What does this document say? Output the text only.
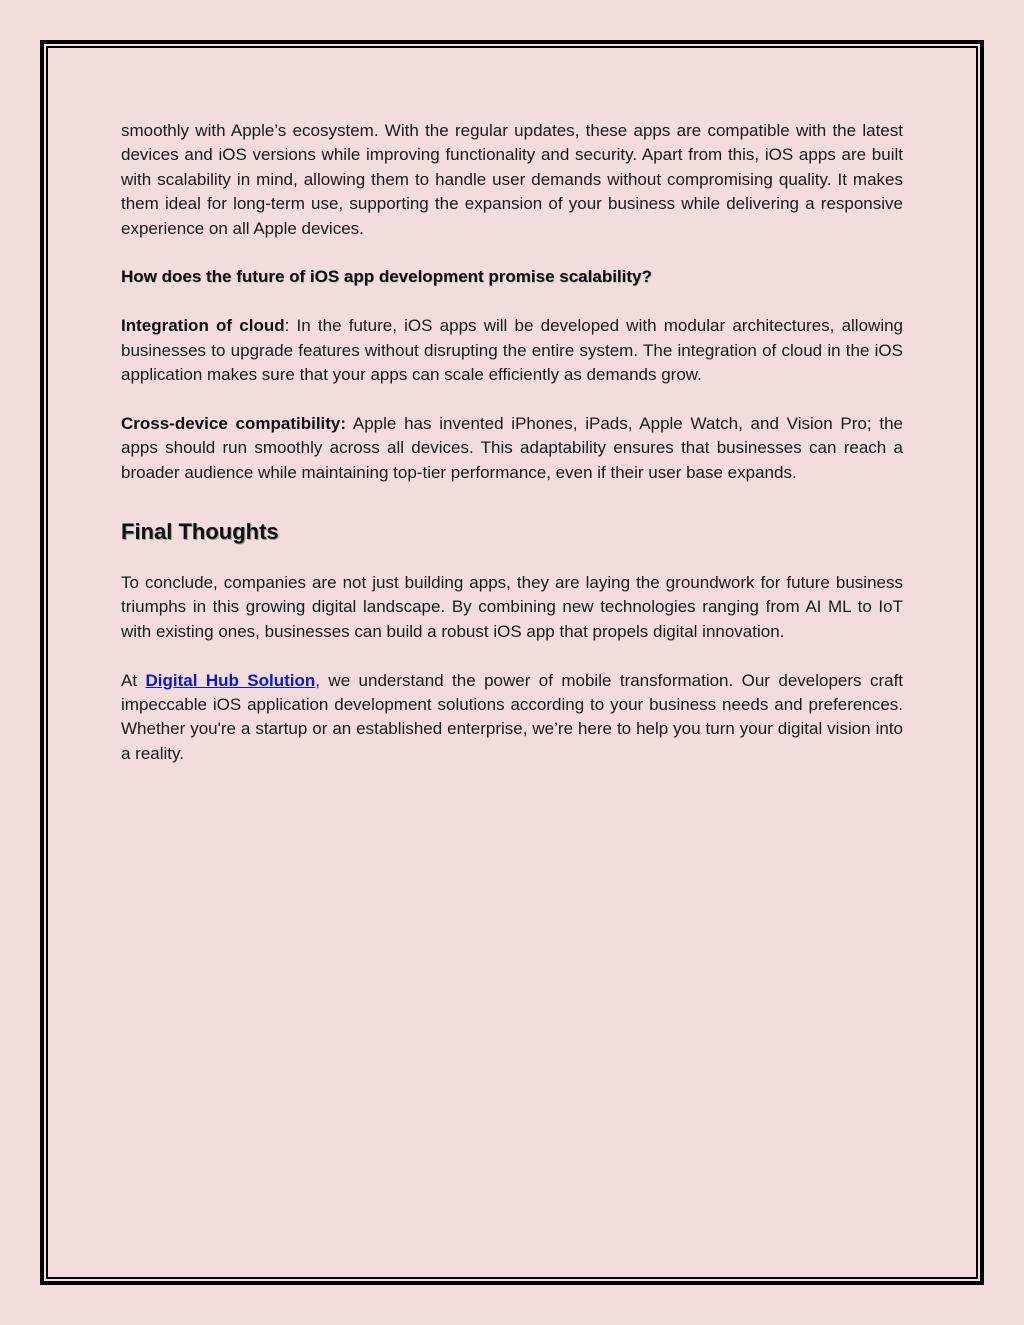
smoothly with Apple’s ecosystem. With the regular updates, these apps are compatible with the latest devices and iOS versions while improving functionality and security. Apart from this, iOS apps are built with scalability in mind, allowing them to handle user demands without compromising quality. It makes them ideal for long-term use, supporting the expansion of your business while delivering a responsive experience on all Apple devices.

How does the future of iOS app development promise scalability?

Integration of cloud: In the future, iOS apps will be developed with modular architectures, allowing businesses to upgrade features without disrupting the entire system. The integration of cloud in the iOS application makes sure that your apps can scale efficiently as demands grow.

Cross-device compatibility: Apple has invented iPhones, iPads, Apple Watch, and Vision Pro; the apps should run smoothly across all devices. This adaptability ensures that businesses can reach a broader audience while maintaining top-tier performance, even if their user base expands.

Final Thoughts

To conclude, companies are not just building apps, they are laying the groundwork for future business triumphs in this growing digital landscape. By combining new technologies ranging from AI ML to IoT with existing ones, businesses can build a robust iOS app that propels digital innovation.

At Digital Hub Solution, we understand the power of mobile transformation. Our developers craft impeccable iOS application development solutions according to your business needs and preferences. Whether you're a startup or an established enterprise, we’re here to help you turn your digital vision into a reality.
